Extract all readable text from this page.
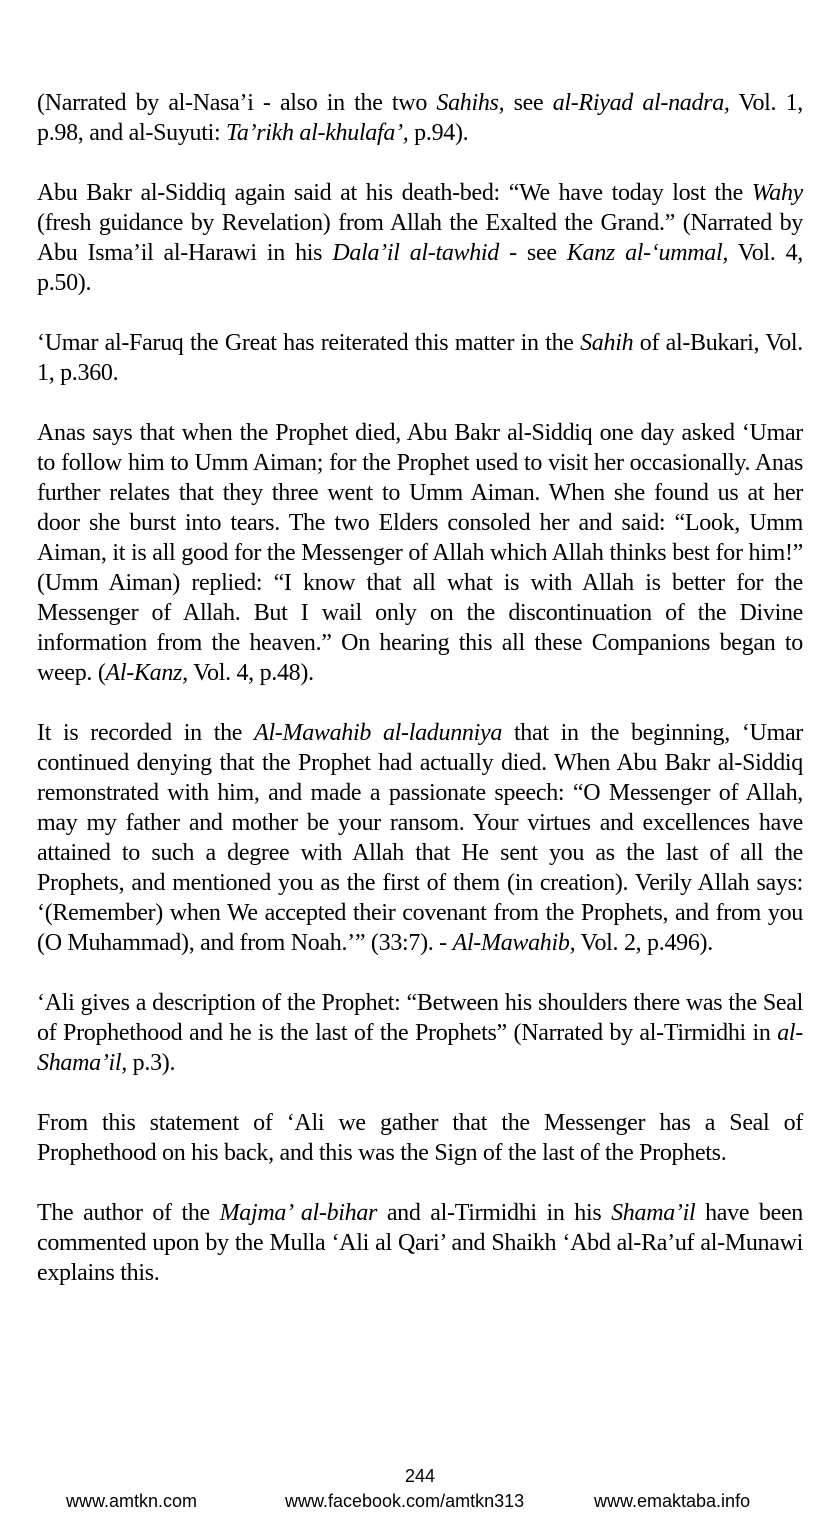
(Narrated by al-Nasa’i - also in the two Sahihs, see al-Riyad al-nadra, Vol. 1, p.98, and al-Suyuti: Ta’rikh al-khulafa’, p.94).

Abu Bakr al-Siddiq again said at his death-bed: “We have today lost the Wahy (fresh guidance by Revelation) from Allah the Exalted the Grand.” (Narrated by Abu Isma’il al-Harawi in his Dala’il al-tawhid - see Kanz al-‘ummal, Vol. 4, p.50).

‘Umar al-Faruq the Great has reiterated this matter in the Sahih of al-Bukari, Vol. 1, p.360.

Anas says that when the Prophet died, Abu Bakr al-Siddiq one day asked ‘Umar to follow him to Umm Aiman; for the Prophet used to visit her occasionally. Anas further relates that they three went to Umm Aiman. When she found us at her door she burst into tears. The two Elders consoled her and said: “Look, Umm Aiman, it is all good for the Messenger of Allah which Allah thinks best for him!” (Umm Aiman) replied: “I know that all what is with Allah is better for the Messenger of Allah. But I wail only on the discontinuation of the Divine information from the heaven.” On hearing this all these Companions began to weep. (Al-Kanz, Vol. 4, p.48).

It is recorded in the Al-Mawahib al-ladunniya that in the beginning, ‘Umar continued denying that the Prophet had actually died. When Abu Bakr al-Siddiq remonstrated with him, and made a passionate speech: “O Messenger of Allah, may my father and mother be your ransom. Your virtues and excellences have attained to such a degree with Allah that He sent you as the last of all the Prophets, and mentioned you as the first of them (in creation). Verily Allah says: ‘(Remember) when We accepted their covenant from the Prophets, and from you (O Muhammad), and from Noah.’” (33:7). - Al-Mawahib, Vol. 2, p.496).

‘Ali gives a description of the Prophet: “Between his shoulders there was the Seal of Prophethood and he is the last of the Prophets” (Narrated by al-Tirmidhi in al-Shama’il, p.3).

From this statement of ‘Ali we gather that the Messenger has a Seal of Prophethood on his back, and this was the Sign of the last of the Prophets.

The author of the Majma’ al-bihar and al-Tirmidhi in his Shama’il have been commented upon by the Mulla ‘Ali al Qari’ and Shaikh ‘Abd al-Ra’uf al-Munawi explains this.

244
www.amtkn.com	www.facebook.com/amtkn313	www.emaktaba.info
